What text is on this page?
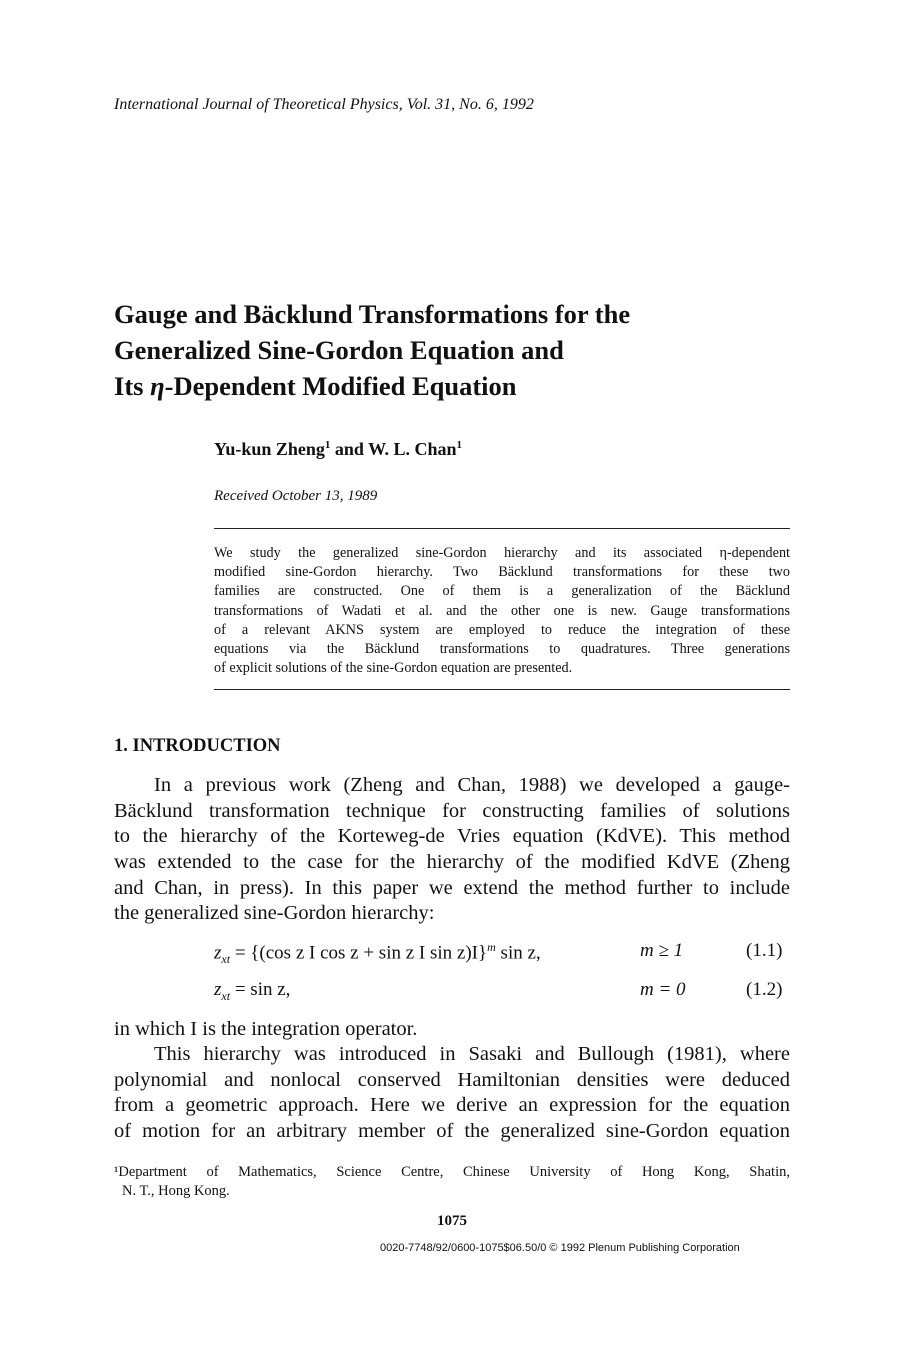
International Journal of Theoretical Physics, Vol. 31, No. 6, 1992
Gauge and Bäcklund Transformations for the
Generalized Sine-Gordon Equation and
Its η-Dependent Modified Equation
Yu-kun Zheng$^1$ and W. L. Chan$^1$
Received October 13, 1989
We study the generalized sine-Gordon hierarchy and its associated η-dependent
modified sine-Gordon hierarchy. Two Bäcklund transformations for these two
families are constructed. One of them is a generalization of the Bäcklund
transformations of Wadati et al. and the other one is new. Gauge transformations
of a relevant AKNS system are employed to reduce the integration of these
equations via the Bäcklund transformations to quadratures. Three generations
of explicit solutions of the sine-Gordon equation are presented.
1. INTRODUCTION
In a previous work (Zheng and Chan, 1988) we developed a gauge-
Bäcklund transformation technique for constructing families of solutions
to the hierarchy of the Korteweg-de Vries equation (KdVE). This method
was extended to the case for the hierarchy of the modified KdVE (Zheng
and Chan, in press). In this paper we extend the method further to include
the generalized sine-Gordon hierarchy:
$z_{xt} = \{(\cos$ z I cos z + sin z I sin z)I}$^m$ sin z,	m ≥ 1	(1.1)
$z_{xt} = \sin z$,	m = 0	(1.2)
in which I is the integration operator.
This hierarchy was introduced in Sasaki and Bullough (1981), where
polynomial and nonlocal conserved Hamiltonian densities were deduced
from a geometric approach. Here we derive an expression for the equation
of motion for an arbitrary member of the generalized sine-Gordon equation
¹Department of Mathematics, Science Centre, Chinese University of Hong Kong, Shatin,
N. T., Hong Kong.
1075
0020-7748/92/0600-1075$06.50/0 © 1992 Plenum Publishing Corporation
